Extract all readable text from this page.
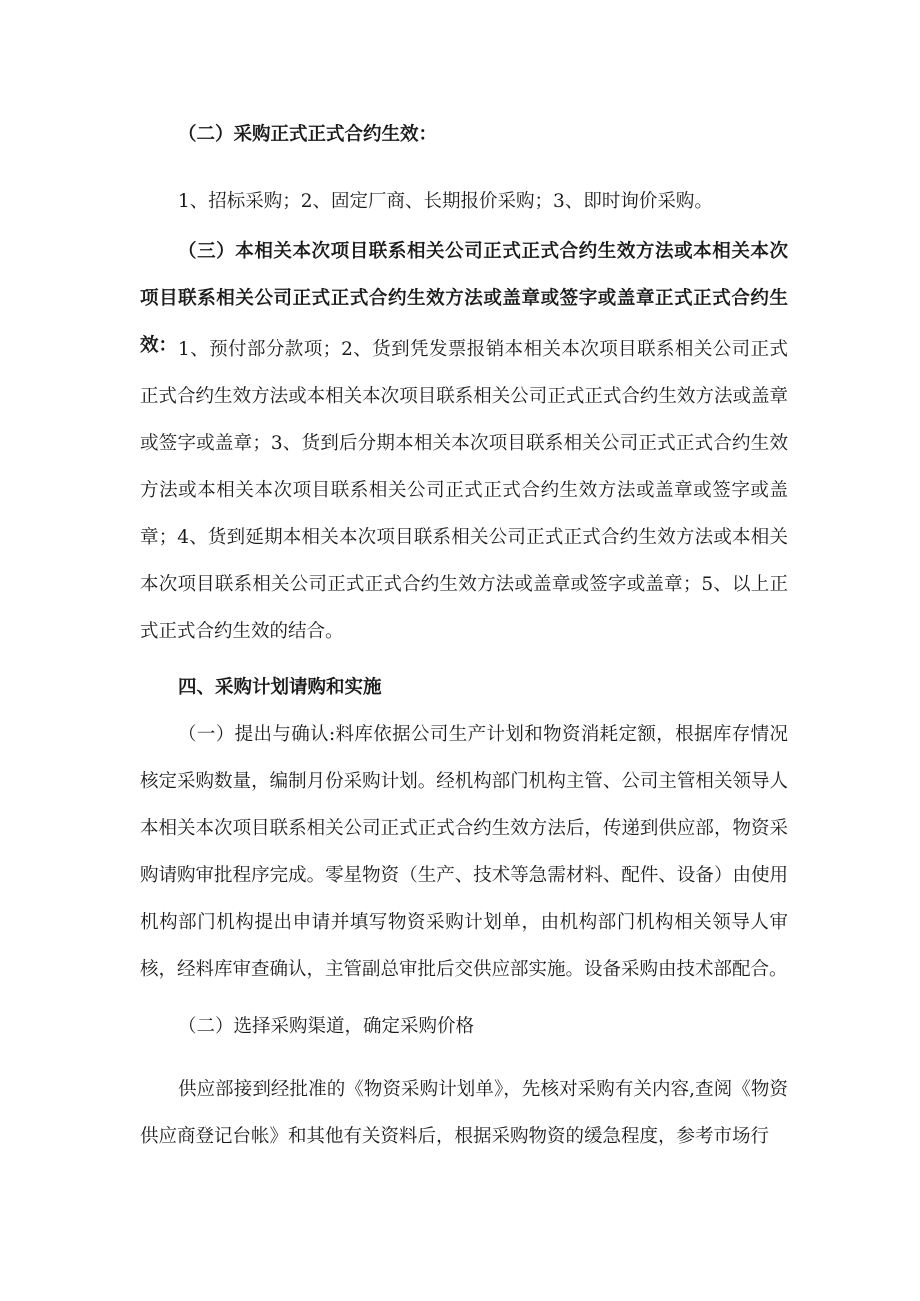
（二）采购正式正式合约生效：

1、招标采购；2、固定厂商、长期报价采购；3、即时询价采购。

（三）本相关本次项目联系相关公司正式正式合约生效方法或本相关本次项目联系相关公司正式正式合约生效方法或盖章或签字或盖章正式正式合约生效： 1、预付部分款项；2、货到凭发票报销本相关本次项目联系相关公司正式正式合约生效方法或本相关本次项目联系相关公司正式正式合约生效方法或盖章或签字或盖章；3、货到后分期本相关本次项目联系相关公司正式正式合约生效方法或本相关本次项目联系相关公司正式正式合约生效方法或盖章或签字或盖章；4、货到延期本相关本次项目联系相关公司正式正式合约生效方法或本相关本次项目联系相关公司正式正式合约生效方法或盖章或签字或盖章；5、以上正式正式合约生效的结合。

四、采购计划请购和实施

（一）提出与确认:料库依据公司生产计划和物资消耗定额，根据库存情况核定采购数量，编制月份采购计划。经机构部门机构主管、公司主管相关领导人本相关本次项目联系相关公司正式正式合约生效方法后，传递到供应部，物资采购请购审批程序完成。零星物资（生产、技术等急需材料、配件、设备）由使用机构部门机构提出申请并填写物资采购计划单，由机构部门机构相关领导人审核，经料库审查确认，主管副总审批后交供应部实施。设备采购由技术部配合。

（二）选择采购渠道，确定采购价格

供应部接到经批准的《物资采购计划单》，先核对采购有关内容,查阅《物资供应商登记台帐》和其他有关资料后，根据采购物资的缓急程度，参考市场行
